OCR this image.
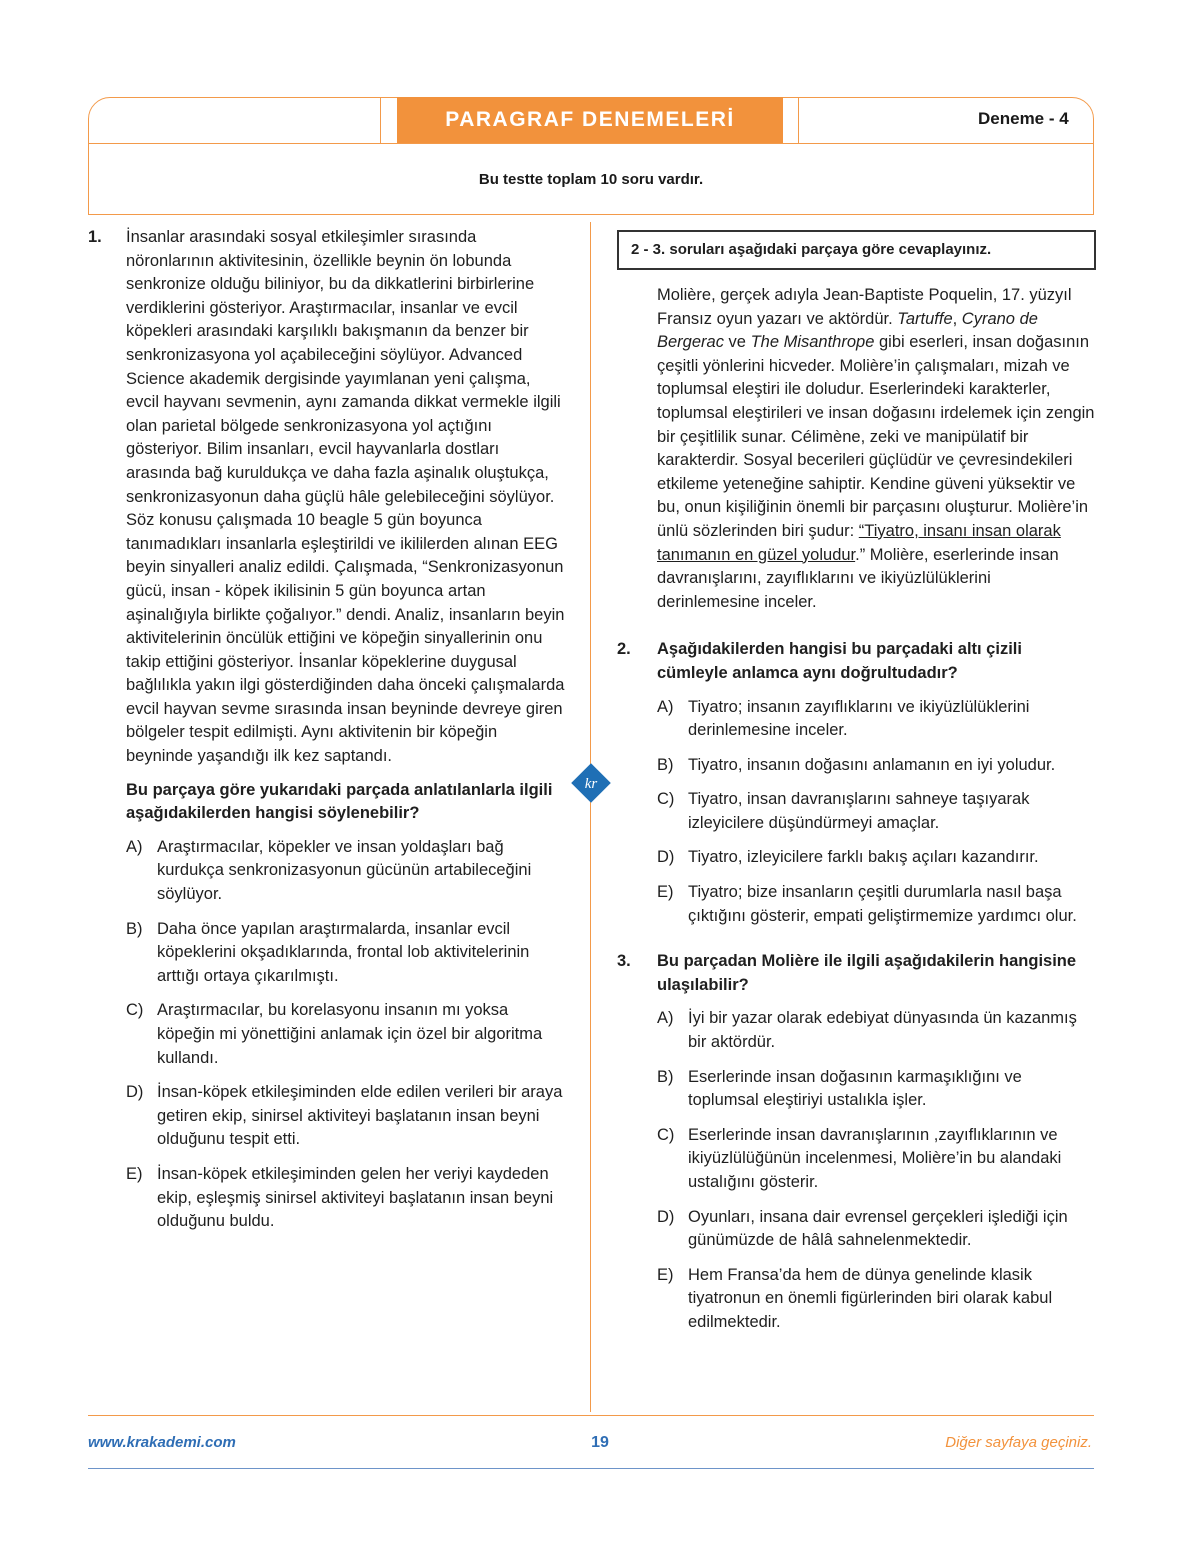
PARAGRAF DENEMELERİ	Deneme - 4
Bu testte toplam 10 soru vardır.
kr
1. İnsanlar arasındaki sosyal etkileşimler sırasında nöronlarının aktivitesinin, özellikle beynin ön lobunda senkronize olduğu biliniyor, bu da dikkatlerini birbirlerine verdiklerini gösteriyor. Araştırmacılar, insanlar ve evcil köpekleri arasındaki karşılıklı bakışmanın da benzer bir senkronizasyona yol açabileceğini söylüyor. Advanced Science akademik dergisinde yayımlanan yeni çalışma, evcil hayvanı sevmenin, aynı zamanda dikkat vermekle ilgili olan parietal bölgede senkronizasyona yol açtığını gösteriyor. Bilim insanları, evcil hayvanlarla dostları arasında bağ kuruldukça ve daha fazla aşinalık oluştukça, senkronizasyonun daha güçlü hâle gelebileceğini söylüyor. Söz konusu çalışmada 10 beagle 5 gün boyunca tanımadıkları insanlarla eşleştirildi ve ikililerden alınan EEG beyin sinyalleri analiz edildi. Çalışmada, “Senkronizasyonun gücü, insan - köpek ikilisinin 5 gün boyunca artan aşinalığıyla birlikte çoğalıyor.” dendi. Analiz, insanların beyin aktivitelerinin öncülük ettiğini ve köpeğin sinyallerinin onu takip ettiğini gösteriyor. İnsanlar köpeklerine duygusal bağlılıkla yakın ilgi gösterdiğinden daha önceki çalışmalarda evcil hayvan sevme sırasında insan beyninde devreye giren bölgeler tespit edilmişti. Aynı aktivitenin bir köpeğin beyninde yaşandığı ilk kez saptandı.

Bu parçaya göre yukarıdaki parçada anlatılanlarla ilgili aşağıdakilerden hangisi söylenebilir?

A) Araştırmacılar, köpekler ve insan yoldaşları bağ kurdukça senkronizasyonun gücünün artabileceğini söylüyor.
B) Daha önce yapılan araştırmalarda, insanlar evcil köpeklerini okşadıklarında, frontal lob aktivitelerinin arttığı ortaya çıkarılmıştı.
C) Araştırmacılar, bu korelasyonu insanın mı yoksa köpeğin mi yönettiğini anlamak için özel bir algoritma kullandı.
D) İnsan-köpek etkileşiminden elde edilen verileri bir araya getiren ekip, sinirsel aktiviteyi başlatanın insan beyni olduğunu tespit etti.
E) İnsan-köpek etkileşiminden gelen her veriyi kaydeden ekip, eşleşmiş sinirsel aktiviteyi başlatanın insan beyni olduğunu buldu.
2 - 3. soruları aşağıdaki parçaya göre cevaplayınız.

Molière, gerçek adıyla Jean-Baptiste Poquelin, 17. yüzyıl Fransız oyun yazarı ve aktördür. Tartuffe, Cyrano de Bergerac ve The Misanthrope gibi eserleri, insan doğasının çeşitli yönlerini hicveder. Molière’in çalışmaları, mizah ve toplumsal eleştiri ile doludur. Eserlerindeki karakterler, toplumsal eleştirileri ve insan doğasını irdelemek için zengin bir çeşitlilik sunar. Célimène, zeki ve manipülatif bir karakterdir. Sosyal becerileri güçlüdür ve çevresindekileri etkileme yeteneğine sahiptir. Kendine güveni yüksektir ve bu, onun kişiliğinin önemli bir parçasını oluşturur. Molière’in ünlü sözlerinden biri şudur: “Tiyatro, insanı insan olarak tanımanın en güzel yoludur.” Molière, eserlerinde insan davranışlarını, zayıflıklarını ve ikiyüzlülüklerini derinlemesine inceler.

2. Aşağıdakilerden hangisi bu parçadaki altı çizili cümleyle anlamca aynı doğrultudadır?

A) Tiyatro; insanın zayıflıklarını ve ikiyüzlülüklerini derinlemesine inceler.
B) Tiyatro, insanın doğasını anlamanın en iyi yoludur.
C) Tiyatro, insan davranışlarını sahneye taşıyarak izleyicilere düşündürmeyi amaçlar.
D) Tiyatro, izleyicilere farklı bakış açıları kazandırır.
E) Tiyatro; bize insanların çeşitli durumlarla nasıl başa çıktığını gösterir, empati geliştirmemize yardımcı olur.
3. Bu parçadan Molière ile ilgili aşağıdakilerin hangisine ulaşılabilir?

A) İyi bir yazar olarak edebiyat dünyasında ün kazanmış bir aktördür.
B) Eserlerinde insan doğasının karmaşıklığını ve toplumsal eleştiriyi ustalıkla işler.
C) Eserlerinde insan davranışlarının ,zayıflıklarının ve ikiyüzlülüğünün incelenmesi, Molière’in bu alandaki ustalığını gösterir.
D) Oyunları, insana dair evrensel gerçekleri işlediği için günümüzde de hâlâ sahnelenmektedir.
E) Hem Fransa’da hem de dünya genelinde klasik tiyatronun en önemli figürlerinden biri olarak kabul edilmektedir.
www.krakademi.com	19	Diğer sayfaya geçiniz.
